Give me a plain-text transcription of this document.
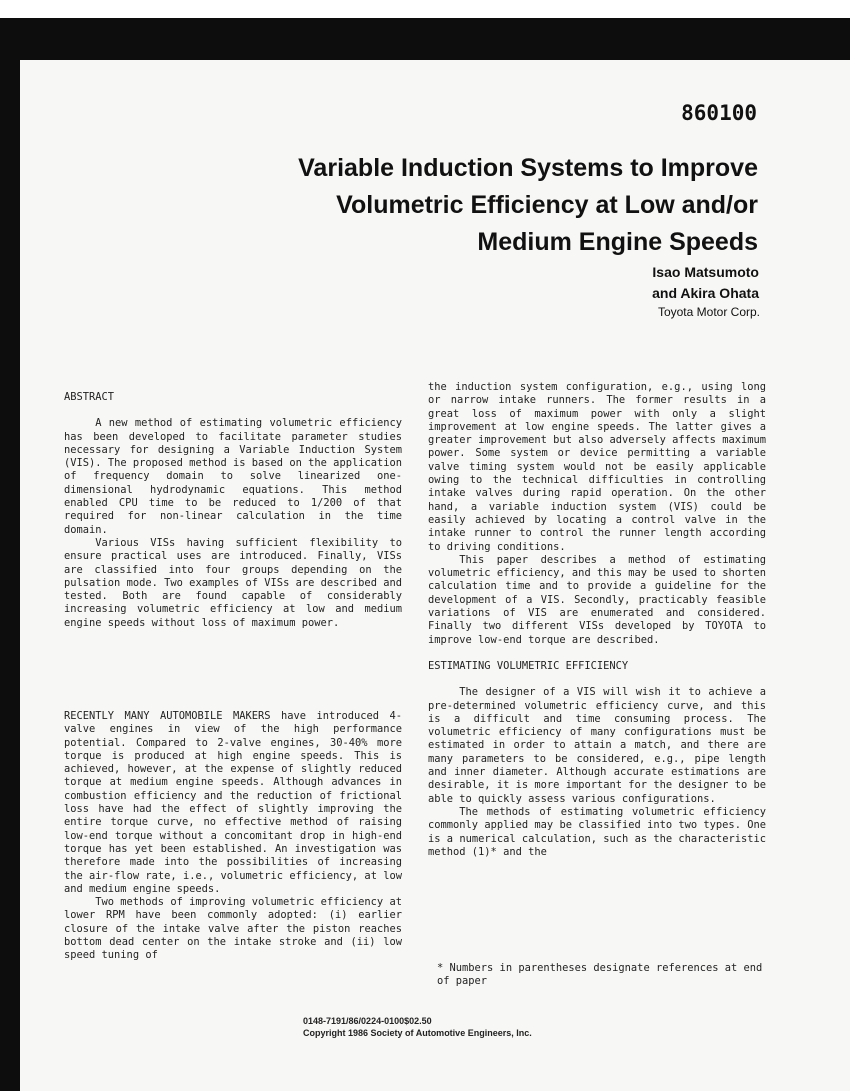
860100
Variable Induction Systems to Improve
Volumetric Efficiency at Low and/or
Medium Engine Speeds
Isao Matsumoto
and Akira Ohata
Toyota Motor Corp.

ABSTRACT

A new method of estimating volumetric efficiency has been developed to facilitate parameter studies necessary for designing a Variable Induction System (VIS). The proposed method is based on the application of frequency domain to solve linearized one-dimensional hydrodynamic equations. This method enabled CPU time to be reduced to 1/200 of that required for non-linear calculation in the time domain.

Various VISs having sufficient flexibility to ensure practical uses are introduced. Finally, VISs are classified into four groups depending on the pulsation mode. Two examples of VISs are described and tested. Both are found capable of considerably increasing volumetric efficiency at low and medium engine speeds without loss of maximum power.

RECENTLY MANY AUTOMOBILE MAKERS have introduced 4-valve engines in view of the high performance potential. Compared to 2-valve engines, 30-40% more torque is produced at high engine speeds. This is achieved, however, at the expense of slightly reduced torque at medium engine speeds. Although advances in combustion efficiency and the reduction of frictional loss have had the effect of slightly improving the entire torque curve, no effective method of raising low-end torque without a concomitant drop in high-end torque has yet been established. An investigation was therefore made into the possibilities of increasing the air-flow rate, i.e., volumetric efficiency, at low and medium engine speeds.

Two methods of improving volumetric efficiency at lower RPM have been commonly adopted: (i) earlier closure of the intake valve after the piston reaches bottom dead center on the intake stroke and (ii) low speed tuning of

the induction system configuration, e.g., using long or narrow intake runners. The former results in a great loss of maximum power with only a slight improvement at low engine speeds. The latter gives a greater improvement but also adversely affects maximum power. Some system or device permitting a variable valve timing system would not be easily applicable owing to the technical difficulties in controlling intake valves during rapid operation. On the other hand, a variable induction system (VIS) could be easily achieved by locating a control valve in the intake runner to control the runner length according to driving conditions.

This paper describes a method of estimating volumetric efficiency, and this may be used to shorten calculation time and to provide a guideline for the development of a VIS. Secondly, practicably feasible variations of VIS are enumerated and considered. Finally two different VISs developed by TOYOTA to improve low-end torque are described.

ESTIMATING VOLUMETRIC EFFICIENCY

The designer of a VIS will wish it to achieve a pre-determined volumetric efficiency curve, and this is a difficult and time consuming process. The volumetric efficiency of many configurations must be estimated in order to attain a match, and there are many parameters to be considered, e.g., pipe length and inner diameter. Although accurate estimations are desirable, it is more important for the designer to be able to quickly assess various configurations.

The methods of estimating volumetric efficiency commonly applied may be classified into two types. One is a numerical calculation, such as the characteristic method (1)* and the

* Numbers in parentheses designate references at end of paper
0148-7191/86/0224-0100$02.50
Copyright 1986 Society of Automotive Engineers, Inc.
